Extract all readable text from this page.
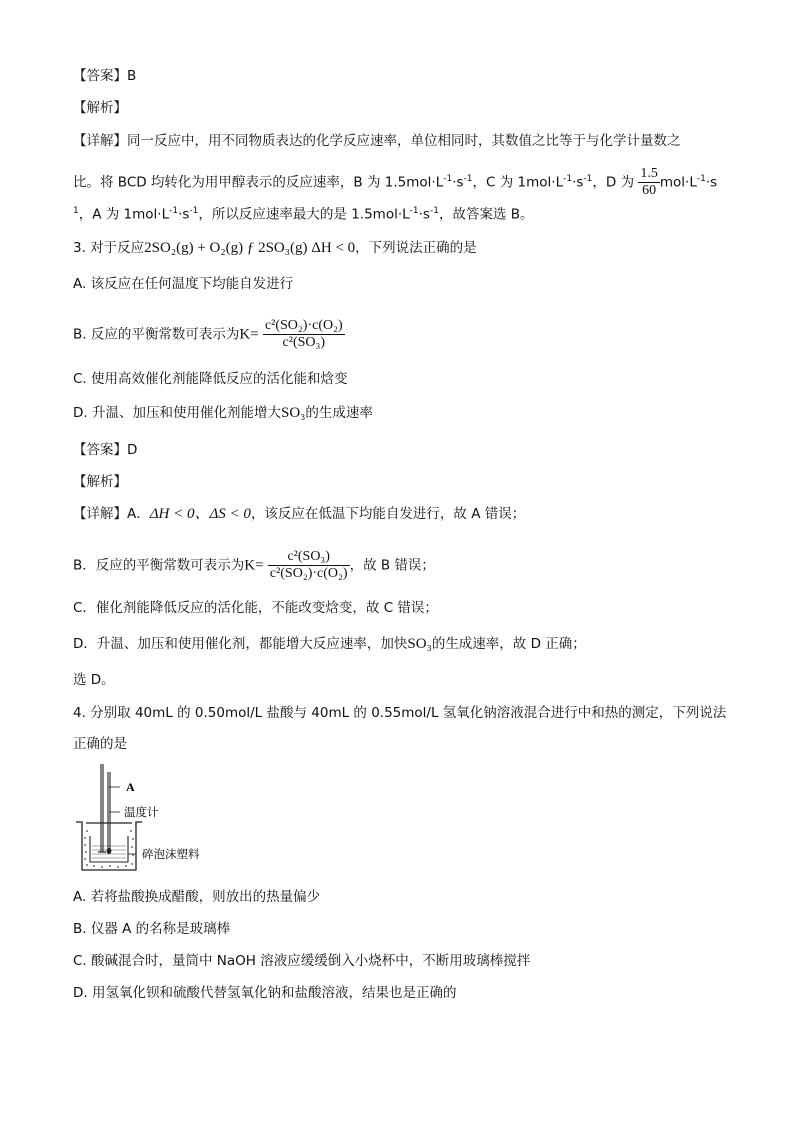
【答案】B
【解析】
【详解】同一反应中，用不同物质表达的化学反应速率，单位相同时，其数值之比等于与化学计量数之
比。将 BCD 均转化为用甲醇表示的反应速率，B 为 $1.5mol\cdot L^{-1}\cdot s^{-1}$，C 为 $1mol\cdot L^{-1}\cdot s^{-1}$，D 为 $\frac{1.5}{60} mol\cdot L^{-1}\cdot s$
$^1$，A 为 $1mol\cdot L^{-1}\cdot s^{-1}$，所以反应速率最大的是 $1.5mol\cdot L^{-1}\cdot s^{-1}$，故答案选 B。
3. 对于反应2SO₂(g) + O₂(g) ƒ 2SO₃(g) ΔH < 0，下列说法正确的是
A. 该反应在任何温度下均能自发进行
B. 反应的平衡常数可表示为$K= \frac{\text{c²(SO₂)·c(O₂)}}{\text{c²(SO₃)}}$
C. 使用高效催化剂能降低反应的活化能和焓变
D. 升温、加压和使用催化剂能增大SO₃的生成速率
【答案】D
【解析】
【详解】A．ΔH < 0、ΔS < 0，该反应在低温下均能自发进行，故 A 错误；
B．反应的平衡常数可表示为$K= \frac{\text{c²(SO₃)}}{\text{c²(SO₂)·c(O₂)}}$ ，故 B 错误；
C．催化剂能降低反应的活化能，不能改变焓变，故 C 错误；
D．升温、加压和使用催化剂，都能增大反应速率，加快SO₃的生成速率，故 D 正确；
选 D。
4. 分别取 40mL 的 0.50mol/L 盐酸与 40mL 的 0.55mol/L 氢氧化钠溶液混合进行中和热的测定，下列说法
正确的是
A
温度计
碎泡沫塑料
A. 若将盐酸换成醋酸，则放出的热量偏少
B. 仪器 A 的名称是玻璃棒
C. 酸碱混合时，量筒中 NaOH 溶液应缓缓倒入小烧杯中，不断用玻璃棒搅拌
D. 用氢氧化钡和硫酸代替氢氧化钠和盐酸溶液，结果也是正确的
